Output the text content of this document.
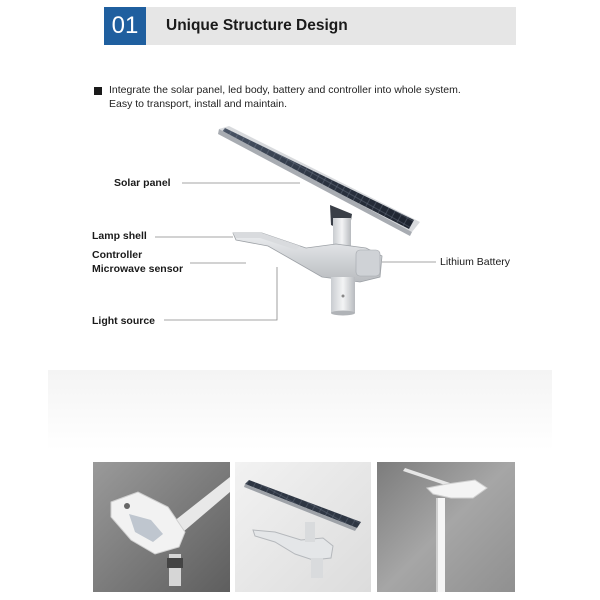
01	Unique Structure Design
Integrate the solar panel, led body, battery and controller into whole system.
Easy to transport, install and maintain.
Solar panel
Lamp shell
Controller
Microwave sensor
Light source
Lithium Battery
